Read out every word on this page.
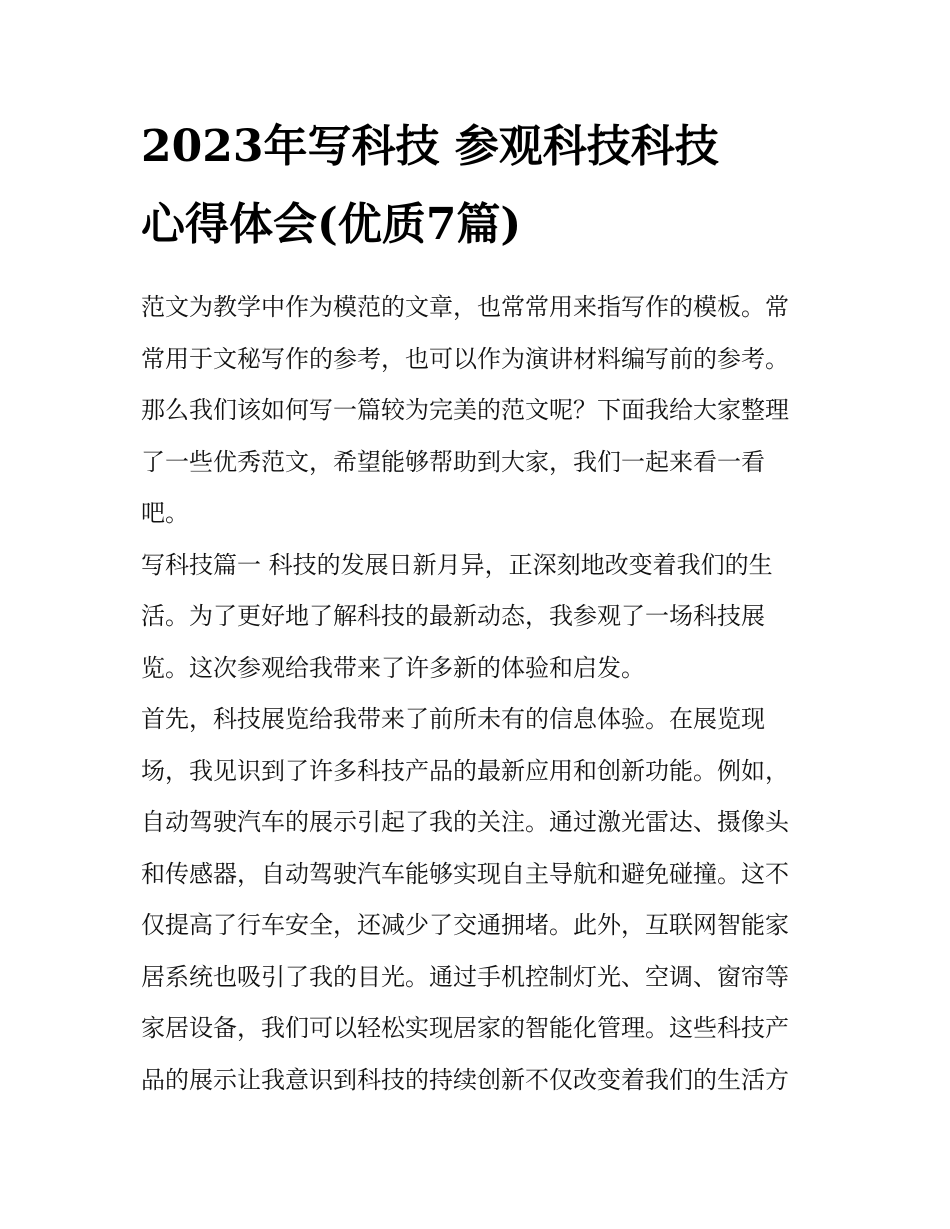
2023年写科技 参观科技科技
心得体会(优质7篇)

范文为教学中作为模范的文章，也常常用来指写作的模板。常
常用于文秘写作的参考，也可以作为演讲材料编写前的参考。
那么我们该如何写一篇较为完美的范文呢？下面我给大家整理
了一些优秀范文，希望能够帮助到大家，我们一起来看一看
吧。

写科技篇一 科技的发展日新月异，正深刻地改变着我们的生
活。为了更好地了解科技的最新动态，我参观了一场科技展
览。这次参观给我带来了许多新的体验和启发。

首先，科技展览给我带来了前所未有的信息体验。在展览现
场，我见识到了许多科技产品的最新应用和创新功能。例如，
自动驾驶汽车的展示引起了我的关注。通过激光雷达、摄像头
和传感器，自动驾驶汽车能够实现自主导航和避免碰撞。这不
仅提高了行车安全，还减少了交通拥堵。此外，互联网智能家
居系统也吸引了我的目光。通过手机控制灯光、空调、窗帘等
家居设备，我们可以轻松实现居家的智能化管理。这些科技产
品的展示让我意识到科技的持续创新不仅改变着我们的生活方
